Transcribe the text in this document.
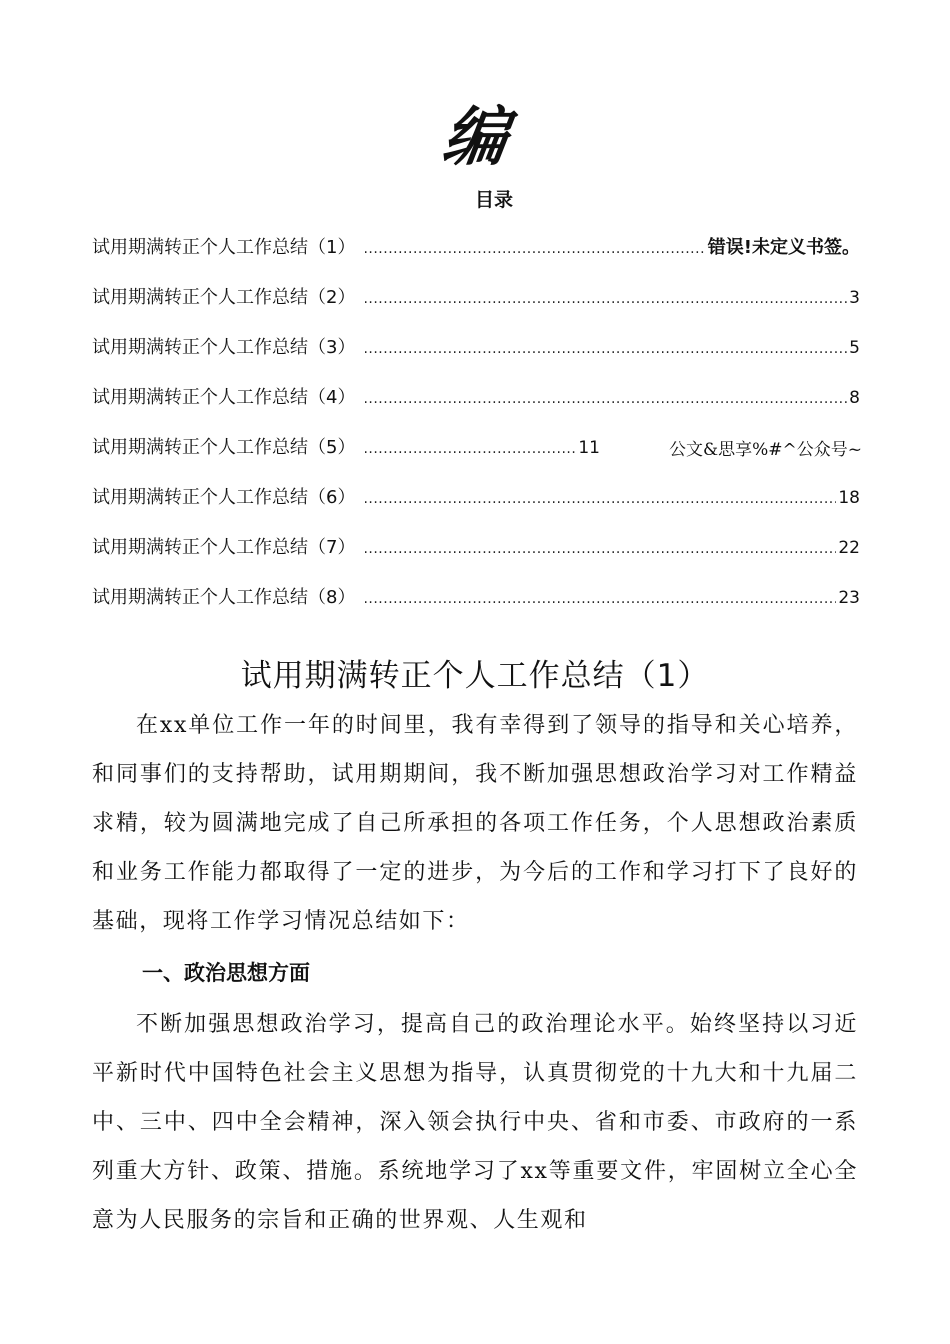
编
目录
试用期满转正个人工作总结（1） .....	错误!未定义书签。
试用期满转正个人工作总结（2） .....	3
试用期满转正个人工作总结（3） .....	5
试用期满转正个人工作总结（4） .....	8
试用期满转正个人工作总结（5） .....	11
试用期满转正个人工作总结（6） .....	18
试用期满转正个人工作总结（7） .....	22
试用期满转正个人工作总结（8） .....	23
公文&思享%#^公众号~
试用期满转正个人工作总结（1）
在xx单位工作一年的时间里，我有幸得到了领导的指导和关心培养，和同事们的支持帮助，试用期期间，我不断加强思想政治学习对工作精益求精，较为圆满地完成了自己所承担的各项工作任务，个人思想政治素质和业务工作能力都取得了一定的进步，为今后的工作和学习打下了良好的基础，现将工作学习情况总结如下：
一、政治思想方面
不断加强思想政治学习，提高自己的政治理论水平。始终坚持以习近平新时代中国特色社会主义思想为指导，认真贯彻党的十九大和十九届二中、三中、四中全会精神，深入领会执行中央、省和市委、市政府的一系列重大方针、政策、措施。系统地学习了xx等重要文件，牢固树立全心全意为人民服务的宗旨和正确的世界观、人生观和
